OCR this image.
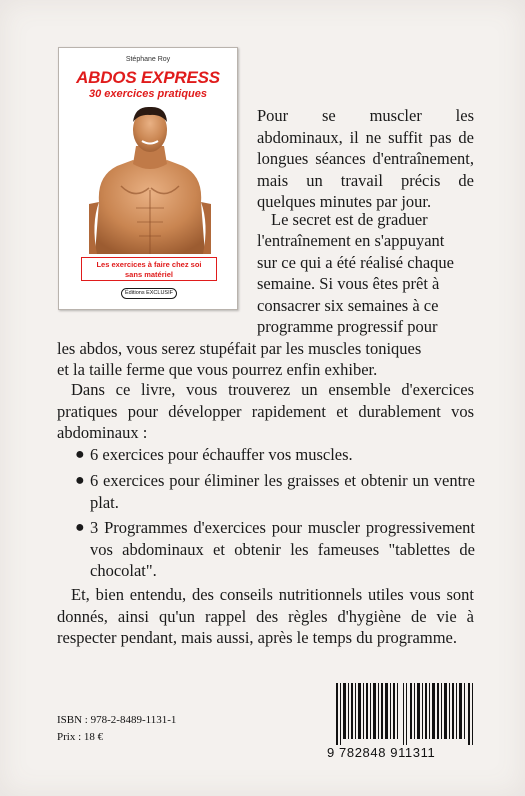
Stéphane Roy
ABDOS EXPRESS
30 exercices pratiques
Les exercices à faire chez soi
sans matériel
Éditions EXCLUSIF
Pour se muscler les abdominaux, il ne suffit pas de longues séances d'entraînement, mais un travail précis de quelques minutes par jour.
Le secret est de graduer
l'entraînement en s'appuyant
sur ce qui a été réalisé chaque
semaine. Si vous êtes prêt à
consacrer six semaines à ce
programme progressif pour
les abdos, vous serez stupéfait par les muscles toniques
et la taille ferme que vous pourrez enfin exhiber.
Dans ce livre, vous trouverez un ensemble d'exercices pratiques pour développer rapidement et durablement vos abdominaux :
● 6 exercices pour échauffer vos muscles.
● 6 exercices pour éliminer les graisses et obtenir un ventre plat.
● 3 Programmes d'exercices pour muscler progressivement vos abdominaux et obtenir les fameuses "tablettes de chocolat".
Et, bien entendu, des conseils nutritionnels utiles vous sont donnés, ainsi qu'un rappel des règles d'hygiène de vie à respecter pendant, mais aussi, après le temps du programme.
ISBN : 978-2-8489-1131-1
Prix : 18 €
9 782848 911311
